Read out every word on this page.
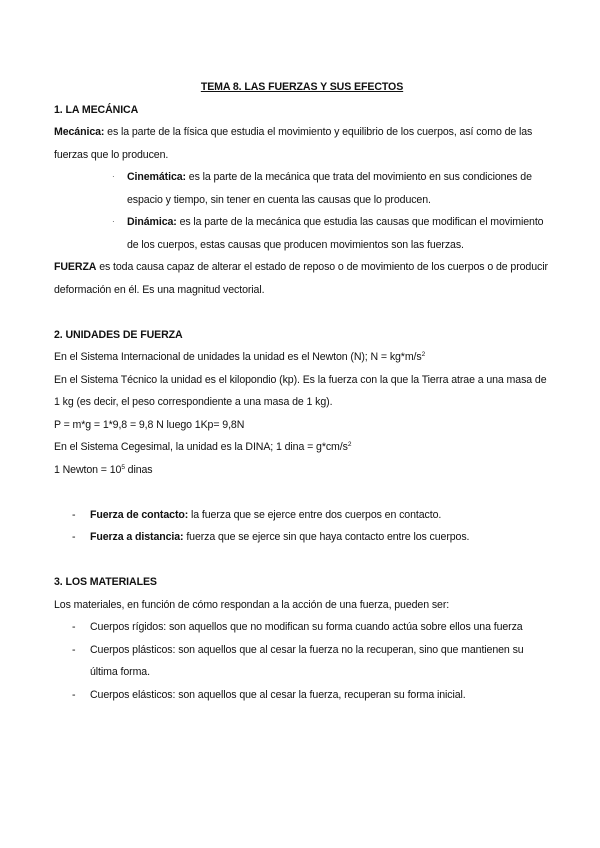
TEMA 8. LAS FUERZAS Y SUS EFECTOS

1. LA MECÁNICA

Mecánica: es la parte de la física que estudia el movimiento y equilibrio de los cuerpos, así como de las fuerzas que lo producen.

· Cinemática: es la parte de la mecánica que trata del movimiento en sus condiciones de espacio y tiempo, sin tener en cuenta las causas que lo producen.

· Dinámica: es la parte de la mecánica que estudia las causas que modifican el movimiento de los cuerpos, estas causas que producen movimientos son las fuerzas.

FUERZA es toda causa capaz de alterar el estado de reposo o de movimiento de los cuerpos o de producir deformación en él. Es una magnitud vectorial.

2. UNIDADES DE FUERZA

En el Sistema Internacional de unidades la unidad es el Newton (N); $N = kg*m/s^2$

En el Sistema Técnico la unidad es el kilopondio (kp). Es la fuerza con la que la Tierra atrae a una masa de 1 kg (es decir, el peso correspondiente a una masa de 1 kg).

P = m*g = 1*9,8 = 9,8 N luego 1Kp= 9,8N

En el Sistema Cegesimal, la unidad es la DINA; 1 dina = $g*cm/s^2$

1 Newton = $10^5$ dinas

- Fuerza de contacto: la fuerza que se ejerce entre dos cuerpos en contacto.

- Fuerza a distancia: fuerza que se ejerce sin que haya contacto entre los cuerpos.

3. LOS MATERIALES

Los materiales, en función de cómo respondan a la acción de una fuerza, pueden ser:

- Cuerpos rígidos: son aquellos que no modifican su forma cuando actúa sobre ellos una fuerza

- Cuerpos plásticos: son aquellos que al cesar la fuerza no la recuperan, sino que mantienen su última forma.

- Cuerpos elásticos: son aquellos que al cesar la fuerza, recuperan su forma inicial.
